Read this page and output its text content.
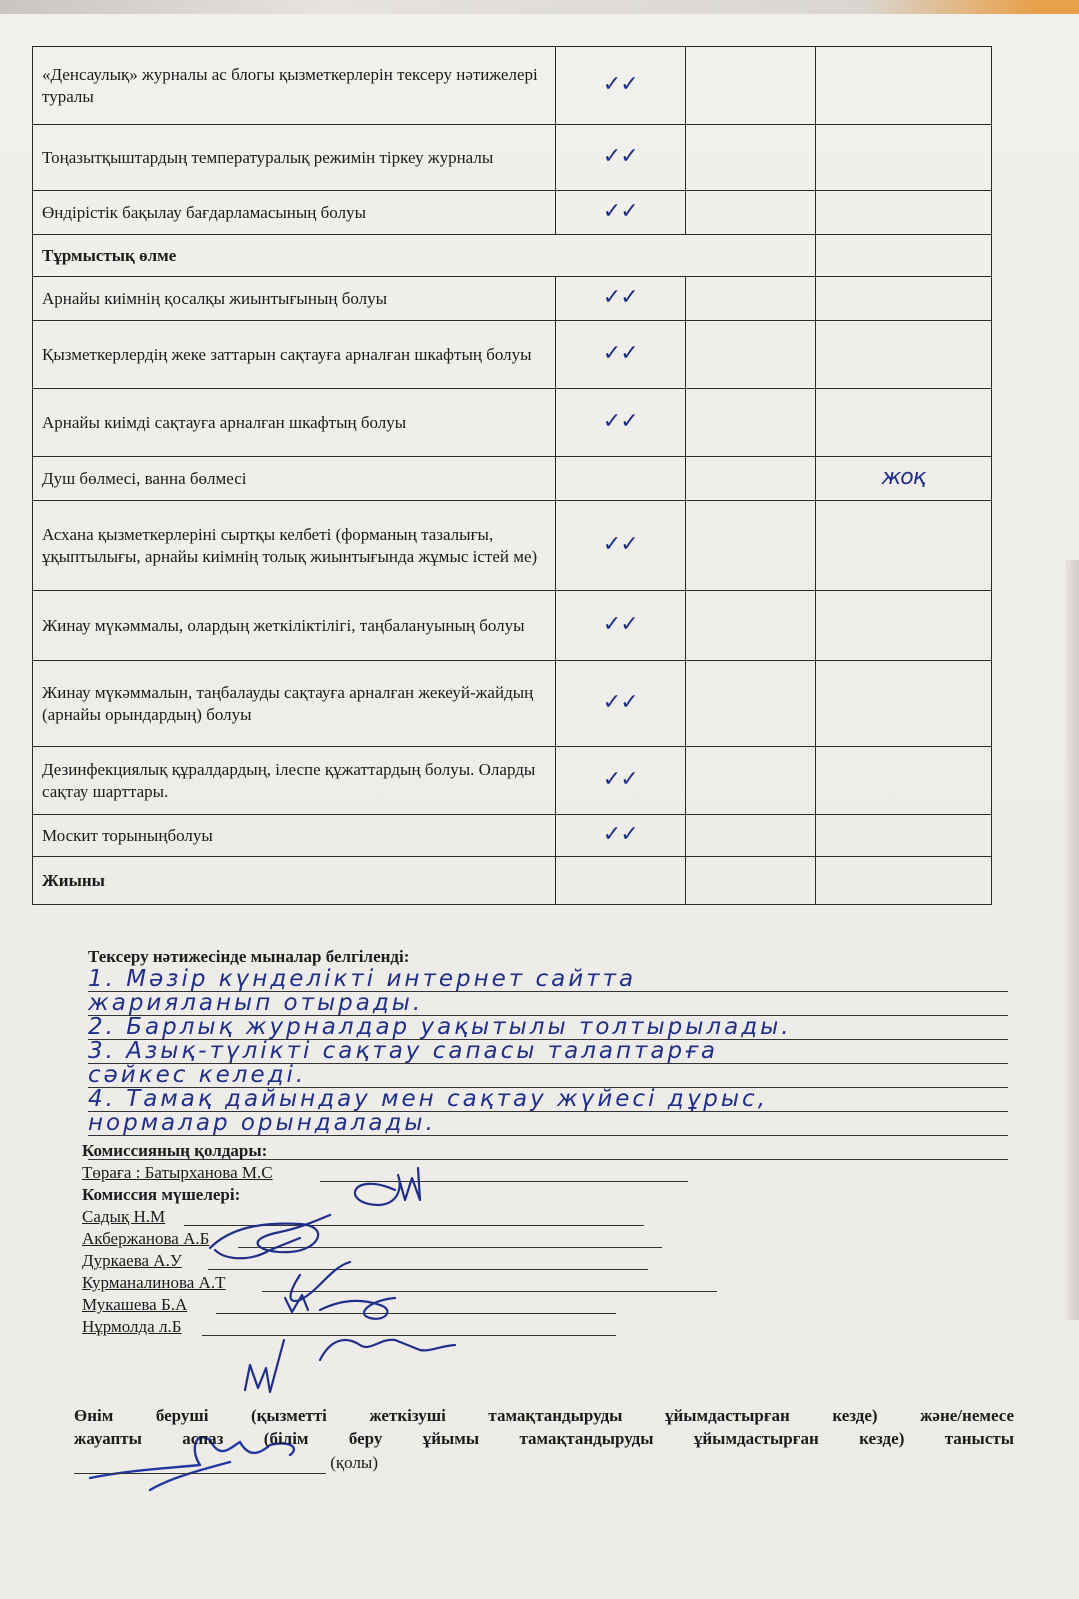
«Денсаулық» журналы ас блогы қызметкерлерін тексеру нәтижелері туралы	✓✓		
Тоңазытқыштардың температуралық режимін тіркеу журналы	✓✓		
Өндірістік бақылау бағдарламасының болуы	✓✓		
Тұрмыстық өлме			
Арнайы киімнің қосалқы жиынтығының болуы	✓✓		
Қызметкерлердің жеке заттарын сақтауға арналған шкафтың болуы	✓✓		
Арнайы киімді сақтауға арналған шкафтың болуы	✓✓		
Душ бөлмесі, ванна бөлмесі			жоқ
Асхана қызметкерлеріні сыртқы келбеті (форманың тазалығы, ұқыптылығы, арнайы киімнің толық жиынтығында жұмыс істей ме)	✓✓		
Жинау мүкәммалы, олардың жеткіліктілігі, таңбалануының болуы	✓✓		
Жинау мүкәммалын, таңбалауды сақтауға арналған жекеуй-жайдың (арнайы орындардың) болуы	✓✓		
Дезинфекциялық құралдардың, ілеспе құжаттардың болуы. Оларды сақтау шарттары.	✓✓		
Москит торыныңболуы	✓✓		
Жиыны			
Тексеру нәтижесінде мыналар белгіленді:
1. Мәзір күнделікті интернет сайтта
жарияланып отырады.
2. Барлық журналдар уақытылы толтырылады.
3. Азық-түлікті сақтау сапасы талаптарға
сәйкес келеді.
4. Тамақ дайындау мен сақтау жүйесі дұрыс,
нормалар орындалады.
Комиссияның қолдары:
Төраға : Батырханова М.С
Комиссия мүшелері:
Садық Н.М
Акбержанова А.Б
Дуркаева А.У
Курманалинова А.Т
Мукашева Б.А
Нұрмолда л.Б
Өнім беруші (қызметті жеткізуші тамақтандыруды ұйымдастырған кезде) және/немесе
жауапты аспаз (білім беру ұйымы тамақтандыруды ұйымдастырған кезде) танысты
(қолы)
